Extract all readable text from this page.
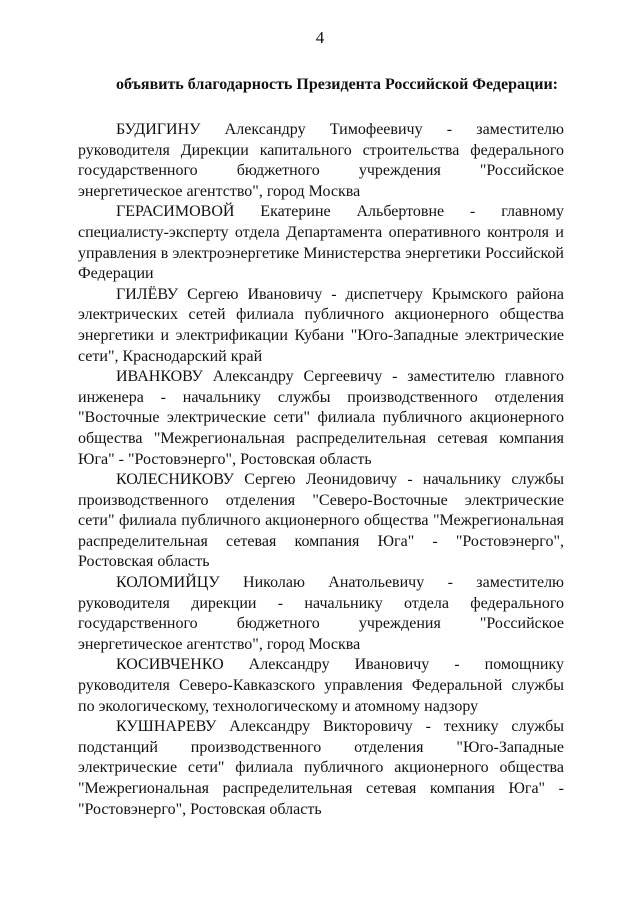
4
объявить благодарность Президента Российской Федерации:

БУДИГИНУ Александру Тимофеевичу - заместителю руководителя Дирекции капитального строительства федерального государственного бюджетного учреждения "Российское энергетическое агентство", город Москва

ГЕРАСИМОВОЙ Екатерине Альбертовне - главному специалисту-эксперту отдела Департамента оперативного контроля и управления в электроэнергетике Министерства энергетики Российской Федерации

ГИЛЁВУ Сергею Ивановичу - диспетчеру Крымского района электрических сетей филиала публичного акционерного общества энергетики и электрификации Кубани "Юго-Западные электрические сети", Краснодарский край

ИВАНКОВУ Александру Сергеевичу - заместителю главного инженера - начальнику службы производственного отделения "Восточные электрические сети" филиала публичного акционерного общества "Межрегиональная распределительная сетевая компания Юга" - "Ростовэнерго", Ростовская область

КОЛЕСНИКОВУ Сергею Леонидовичу - начальнику службы производственного отделения "Северо-Восточные электрические сети" филиала публичного акционерного общества "Межрегиональная распределительная сетевая компания Юга" - "Ростовэнерго", Ростовская область

КОЛОМИЙЦУ Николаю Анатольевичу - заместителю руководителя дирекции - начальнику отдела федерального государственного бюджетного учреждения "Российское энергетическое агентство", город Москва

КОСИВЧЕНКО Александру Ивановичу - помощнику руководителя Северо-Кавказского управления Федеральной службы по экологическому, технологическому и атомному надзору

КУШНАРЕВУ Александру Викторовичу - технику службы подстанций производственного отделения "Юго-Западные электрические сети" филиала публичного акционерного общества "Межрегиональная распределительная сетевая компания Юга" - "Ростовэнерго", Ростовская область
